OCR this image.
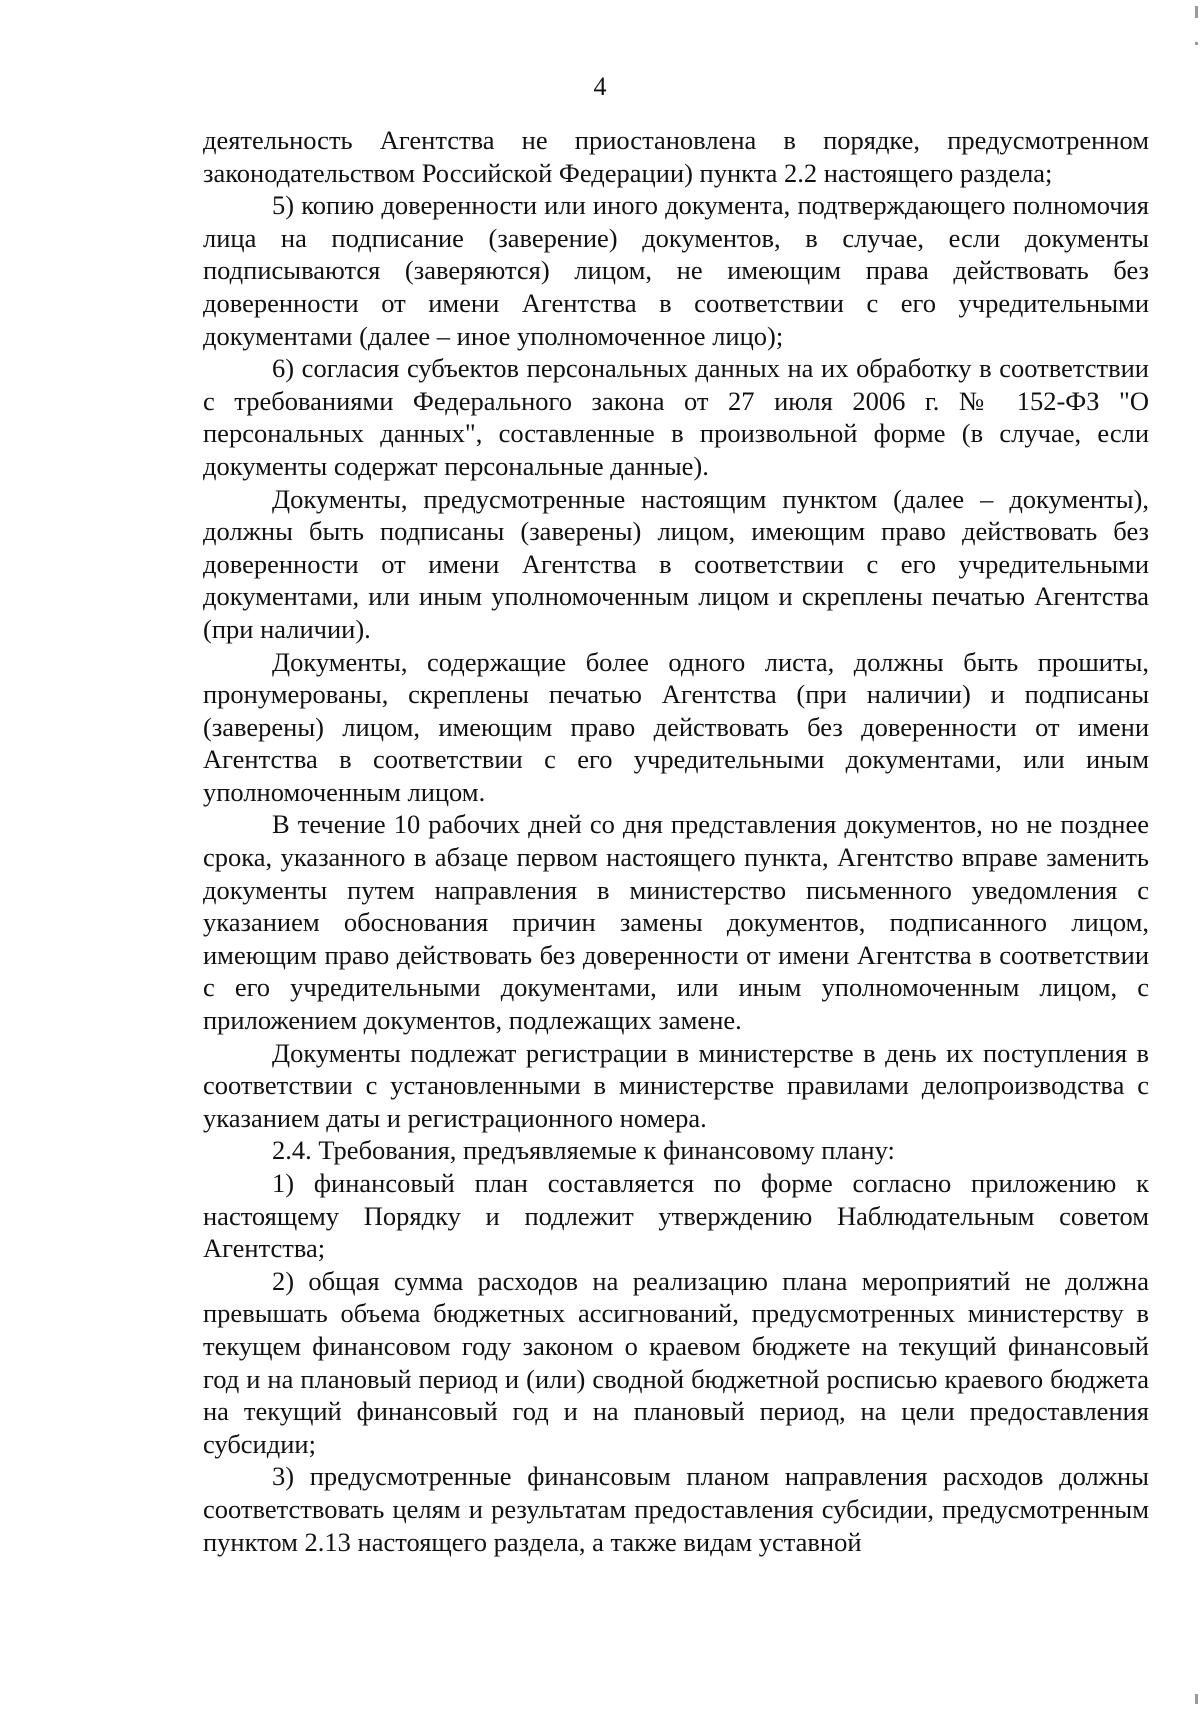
4

деятельность Агентства не приостановлена в порядке, предусмотренном законодательством Российской Федерации) пункта 2.2 настоящего раздела;

5) копию доверенности или иного документа, подтверждающего полномочия лица на подписание (заверение) документов, в случае, если документы подписываются (заверяются) лицом, не имеющим права действовать без доверенности от имени Агентства в соответствии с его учредительными документами (далее – иное уполномоченное лицо);

6) согласия субъектов персональных данных на их обработку в соответствии с требованиями Федерального закона от 27 июля 2006 г. № 152-ФЗ "О персональных данных", составленные в произвольной форме (в случае, если документы содержат персональные данные).

Документы, предусмотренные настоящим пунктом (далее – документы), должны быть подписаны (заверены) лицом, имеющим право действовать без доверенности от имени Агентства в соответствии с его учредительными документами, или иным уполномоченным лицом и скреплены печатью Агентства (при наличии).

Документы, содержащие более одного листа, должны быть прошиты, пронумерованы, скреплены печатью Агентства (при наличии) и подписаны (заверены) лицом, имеющим право действовать без доверенности от имени Агентства в соответствии с его учредительными документами, или иным уполномоченным лицом.

В течение 10 рабочих дней со дня представления документов, но не позднее срока, указанного в абзаце первом настоящего пункта, Агентство вправе заменить документы путем направления в министерство письменного уведомления с указанием обоснования причин замены документов, подписанного лицом, имеющим право действовать без доверенности от имени Агентства в соответствии с его учредительными документами, или иным уполномоченным лицом, с приложением документов, подлежащих замене.

Документы подлежат регистрации в министерстве в день их поступления в соответствии с установленными в министерстве правилами делопроизводства с указанием даты и регистрационного номера.

2.4. Требования, предъявляемые к финансовому плану:

1) финансовый план составляется по форме согласно приложению к настоящему Порядку и подлежит утверждению Наблюдательным советом Агентства;

2) общая сумма расходов на реализацию плана мероприятий не должна превышать объема бюджетных ассигнований, предусмотренных министерству в текущем финансовом году законом о краевом бюджете на текущий финансовый год и на плановый период и (или) сводной бюджетной росписью краевого бюджета на текущий финансовый год и на плановый период, на цели предоставления субсидии;

3) предусмотренные финансовым планом направления расходов должны соответствовать целям и результатам предоставления субсидии, предусмотренным пунктом 2.13 настоящего раздела, а также видам уставной
